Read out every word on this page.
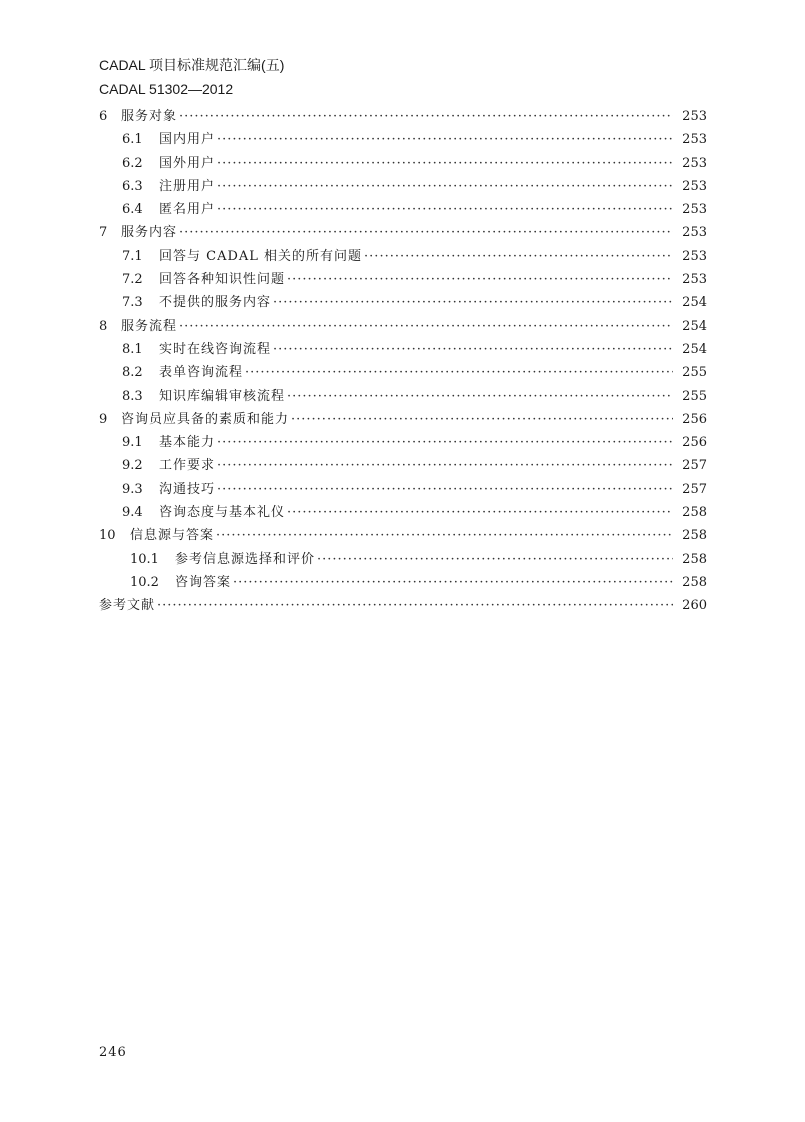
CADAL 项目标准规范汇编(五)
CADAL 51302—2012
6	服务对象 ·····	253
6.1	国内用户 ·····	253
6.2	国外用户 ·····	253
6.3	注册用户 ·····	253
6.4	匿名用户 ·····	253
7	服务内容 ·····	253
7.1	回答与 CADAL 相关的所有问题 ·····	253
7.2	回答各种知识性问题 ·····	253
7.3	不提供的服务内容 ·····	254
8	服务流程 ·····	254
8.1	实时在线咨询流程 ·····	254
8.2	表单咨询流程 ·····	255
8.3	知识库编辑审核流程 ·····	255
9	咨询员应具备的素质和能力 ·····	256
9.1	基本能力 ·····	256
9.2	工作要求 ·····	257
9.3	沟通技巧 ·····	257
9.4	咨询态度与基本礼仪 ·····	258
10	信息源与答案 ·····	258
10.1	参考信息源选择和评价 ·····	258
10.2	咨询答案 ·····	258
参考文献 ·····	260
246
